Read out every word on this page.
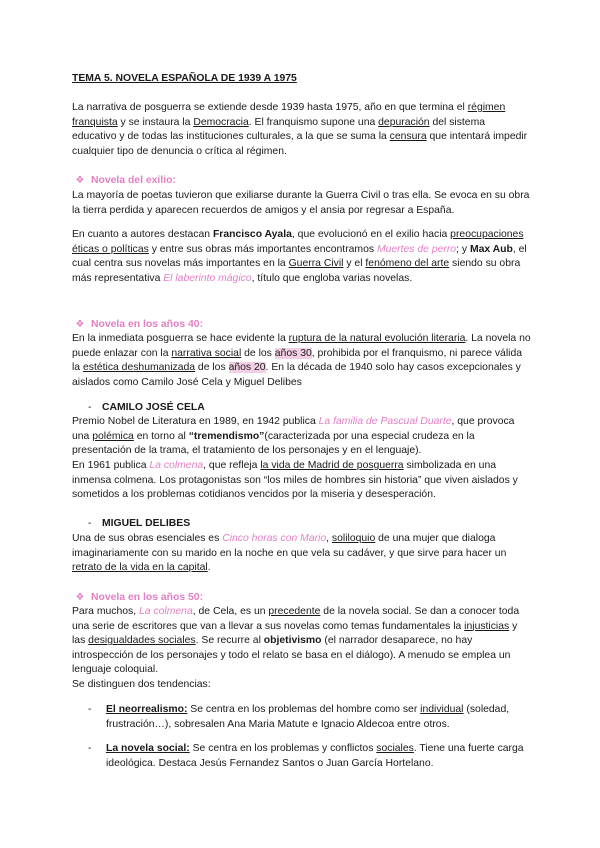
TEMA 5. NOVELA ESPAÑOLA DE 1939 A 1975
La narrativa de posguerra se extiende desde 1939 hasta 1975, año en que termina el régimen franquista y se instaura la Democracia. El franquismo supone una depuración del sistema educativo y de todas las instituciones culturales, a la que se suma la censura que intentará impedir cualquier tipo de denuncia o crítica al régimen.
❖ Novela del exilio:
La mayoría de poetas tuvieron que exiliarse durante la Guerra Civil o tras ella. Se evoca en su obra la tierra perdida y aparecen recuerdos de amigos y el ansia por regresar a España.
En cuanto a autores destacan Francisco Ayala, que evolucionó en el exilio hacia preocupaciones éticas o políticas y entre sus obras más importantes encontramos Muertes de perro; y Max Aub, el cual centra sus novelas más importantes en la Guerra Civil y el fenómeno del arte siendo su obra más representativa El laberinto mágico, título que engloba varias novelas.
❖ Novela en los años 40:
En la inmediata posguerra se hace evidente la ruptura de la natural evolución literaria. La novela no puede enlazar con la narrativa social de los años 30, prohibida por el franquismo, ni parece válida la estética deshumanizada de los años 20. En la década de 1940 solo hay casos excepcionales y aislados como Camilo José Cela y Miguel Delibes
- CAMILO JOSÉ CELA
Premio Nobel de Literatura en 1989, en 1942 publica La familia de Pascual Duarte, que provoca una polémica en torno al “tremendismo”(caracterizada por una especial crudeza en la presentación de la trama, el tratamiento de los personajes y en el lenguaje).
En 1961 publica La colmena, que refleja la vida de Madrid de posguerra simbolizada en una inmensa colmena. Los protagonistas son “los miles de hombres sin historia” que viven aislados y sometidos a los problemas cotidianos vencidos por la miseria y desesperación.
- MIGUEL DELIBES
Una de sus obras esenciales es Cinco horas con Mario, soliloquio de una mujer que dialoga imaginariamente con su marido en la noche en que vela su cadáver, y que sirve para hacer un retrato de la vida en la capital.
❖ Novela en los años 50:
Para muchos, La colmena, de Cela, es un precedente de la novela social. Se dan a conocer toda una serie de escritores que van a llevar a sus novelas como temas fundamentales la injusticias y las desigualdades sociales. Se recurre al objetivismo (el narrador desaparece, no hay introspección de los personajes y todo el relato se basa en el diálogo). A menudo se emplea un lenguaje coloquial.
Se distinguen dos tendencias:
- El neorrealismo: Se centra en los problemas del hombre como ser individual (soledad, frustración…), sobresalen Ana Maria Matute e Ignacio Aldecoa entre otros.
- La novela social: Se centra en los problemas y conflictos sociales. Tiene una fuerte carga ideológica. Destaca Jesús Fernandez Santos o Juan García Hortelano.
